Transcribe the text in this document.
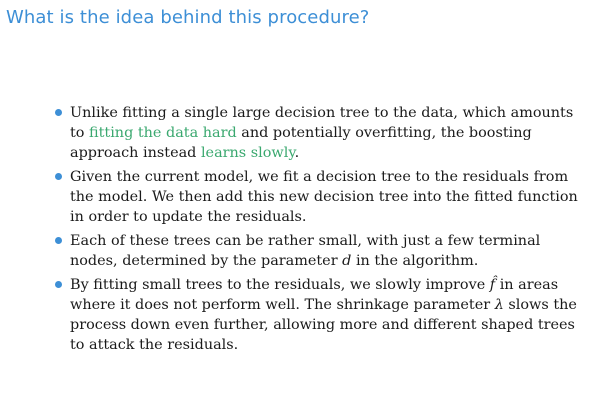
What is the idea behind this procedure?
Unlike fitting a single large decision tree to the data, which amounts to fitting the data hard and potentially overfitting, the boosting approach instead learns slowly.
Given the current model, we fit a decision tree to the residuals from the model. We then add this new decision tree into the fitted function in order to update the residuals.
Each of these trees can be rather small, with just a few terminal nodes, determined by the parameter d in the algorithm.
By fitting small trees to the residuals, we slowly improve f̂ in areas where it does not perform well. The shrinkage parameter λ slows the process down even further, allowing more and different shaped trees to attack the residuals.
